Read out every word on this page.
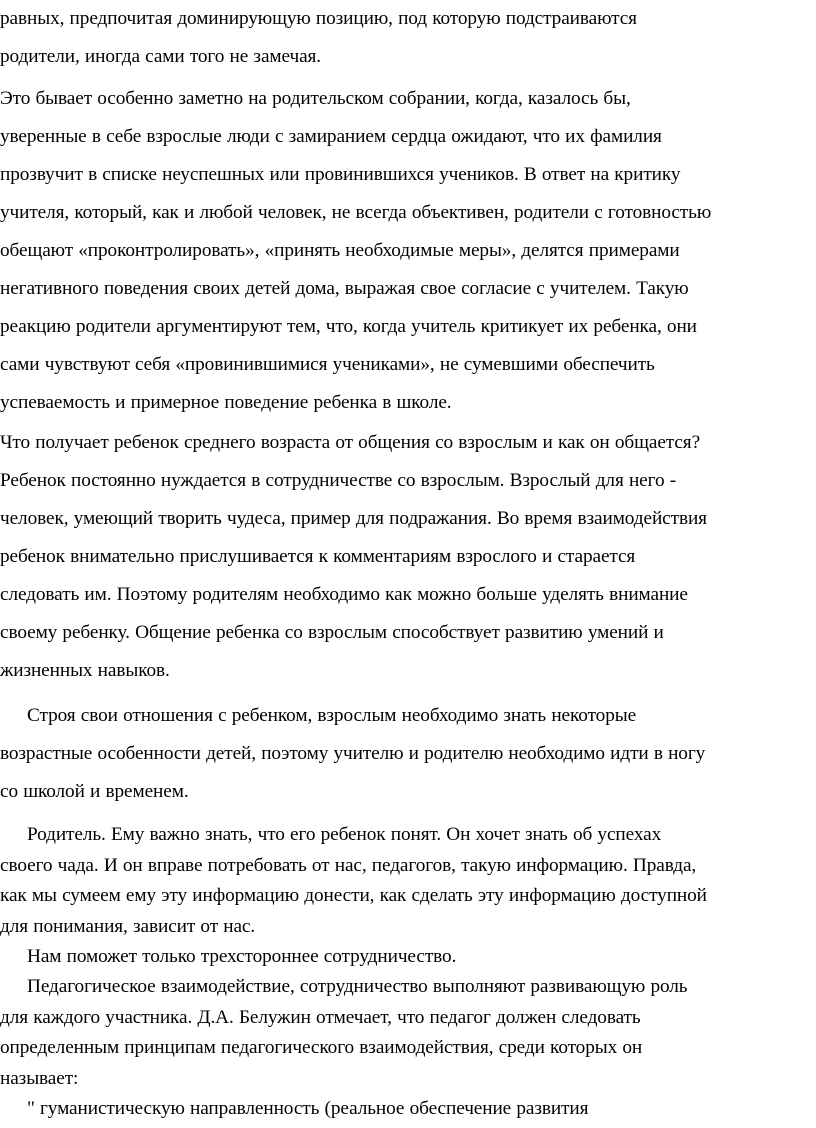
равных, предпочитая доминирующую позицию, под которую подстраиваются
родители, иногда сами того не замечая.
Это бывает особенно заметно на родительском собрании, когда, казалось бы,
уверенные в себе взрослые люди с замиранием сердца ожидают, что их фамилия
прозвучит в списке неуспешных или провинившихся учеников. В ответ на критику
учителя, который, как и любой человек, не всегда объективен, родители с готовностью
обещают «проконтролировать», «принять необходимые меры», делятся примерами
негативного поведения своих детей дома, выражая свое согласие с учителем. Такую
реакцию родители аргументируют тем, что, когда учитель критикует их ребенка, они
сами чувствуют себя «провинившимися учениками», не сумевшими обеспечить
успеваемость и примерное поведение ребенка в школе.
Что получает ребенок среднего возраста от общения со взрослым и как он общается?
Ребенок постоянно нуждается в сотрудничестве со взрослым. Взрослый для него -
человек, умеющий творить чудеса, пример для подражания. Во время взаимодействия
ребенок внимательно прислушивается к комментариям взрослого и старается
следовать им. Поэтому родителям необходимо как можно больше уделять внимание
своему ребенку. Общение ребенка со взрослым способствует развитию умений и
жизненных навыков.
Строя свои отношения с ребенком, взрослым необходимо знать некоторые
возрастные особенности детей, поэтому учителю и родителю необходимо идти в ногу
со школой и временем.
Родитель. Ему важно знать, что его ребенок понят. Он хочет знать об успехах
своего чада. И он вправе потребовать от нас, педагогов, такую информацию. Правда,
как мы сумеем ему эту информацию донести, как сделать эту информацию доступной
для понимания, зависит от нас.
Нам поможет только трехстороннее сотрудничество.
Педагогическое взаимодействие, сотрудничество выполняют развивающую роль
для каждого участника. Д.А. Белужин отмечает, что педагог должен следовать
определенным принципам педагогического взаимодействия, среди которых он
называет:
" гуманистическую направленность (реальное обеспечение развития
